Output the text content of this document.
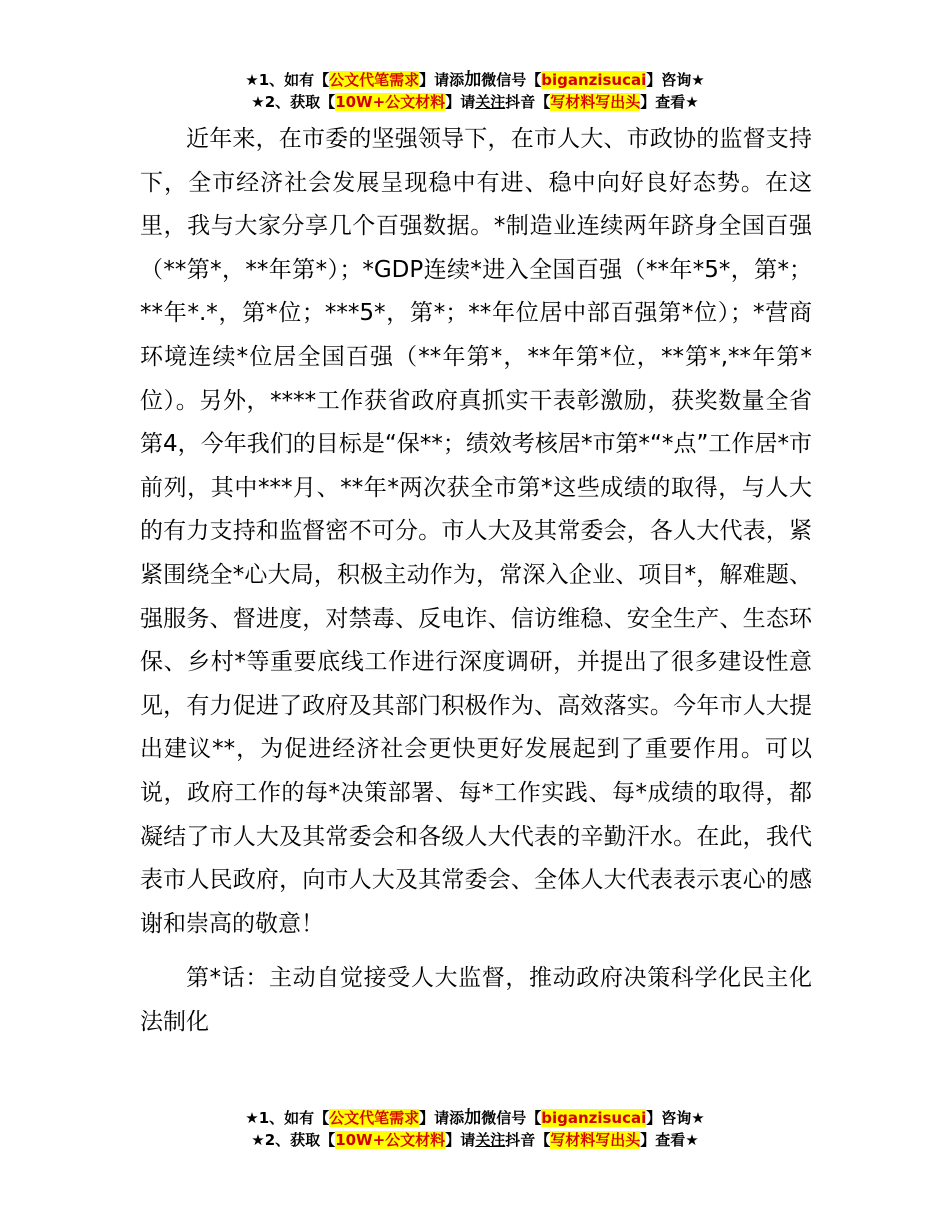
★1、如有【公文代笔需求】请添加微信号【biganzisucai】咨询★
★2、获取【10W+公文材料】请关注抖音【写材料写出头】查看★

近年来，在市委的坚强领导下，在市人大、市政协的监督支持下，全市经济社会发展呈现稳中有进、稳中向好良好态势。在这里，我与大家分享几个百强数据。*制造业连续两年跻身全国百强（**第*，**年第*）；*GDP连续*进入全国百强（**年*5*，第*；**年*.*，第*位；***5*，第*；**年位居中部百强第*位）；*营商环境连续*位居全国百强（**年第*，**年第*位，**第*,**年第*位）。另外，****工作获省政府真抓实干表彰激励，获奖数量全省第4，今年我们的目标是“保**；绩效考核居*市第*“*点”工作居*市前列，其中***月、**年*两次获全市第*这些成绩的取得，与人大的有力支持和监督密不可分。市人大及其常委会，各人大代表，紧紧围绕全*心大局，积极主动作为，常深入企业、项目*，解难题、强服务、督进度，对禁毒、反电诈、信访维稳、安全生产、生态环保、乡村*等重要底线工作进行深度调研，并提出了很多建设性意见，有力促进了政府及其部门积极作为、高效落实。今年市人大提出建议**，为促进经济社会更快更好发展起到了重要作用。可以说，政府工作的每*决策部署、每*工作实践、每*成绩的取得，都凝结了市人大及其常委会和各级人大代表的辛勤汗水。在此，我代表市人民政府，向市人大及其常委会、全体人大代表表示衷心的感谢和崇高的敬意！

第*话：主动自觉接受人大监督，推动政府决策科学化民主化法制化

★1、如有【公文代笔需求】请添加微信号【biganzisucai】咨询★
★2、获取【10W+公文材料】请关注抖音【写材料写出头】查看★
